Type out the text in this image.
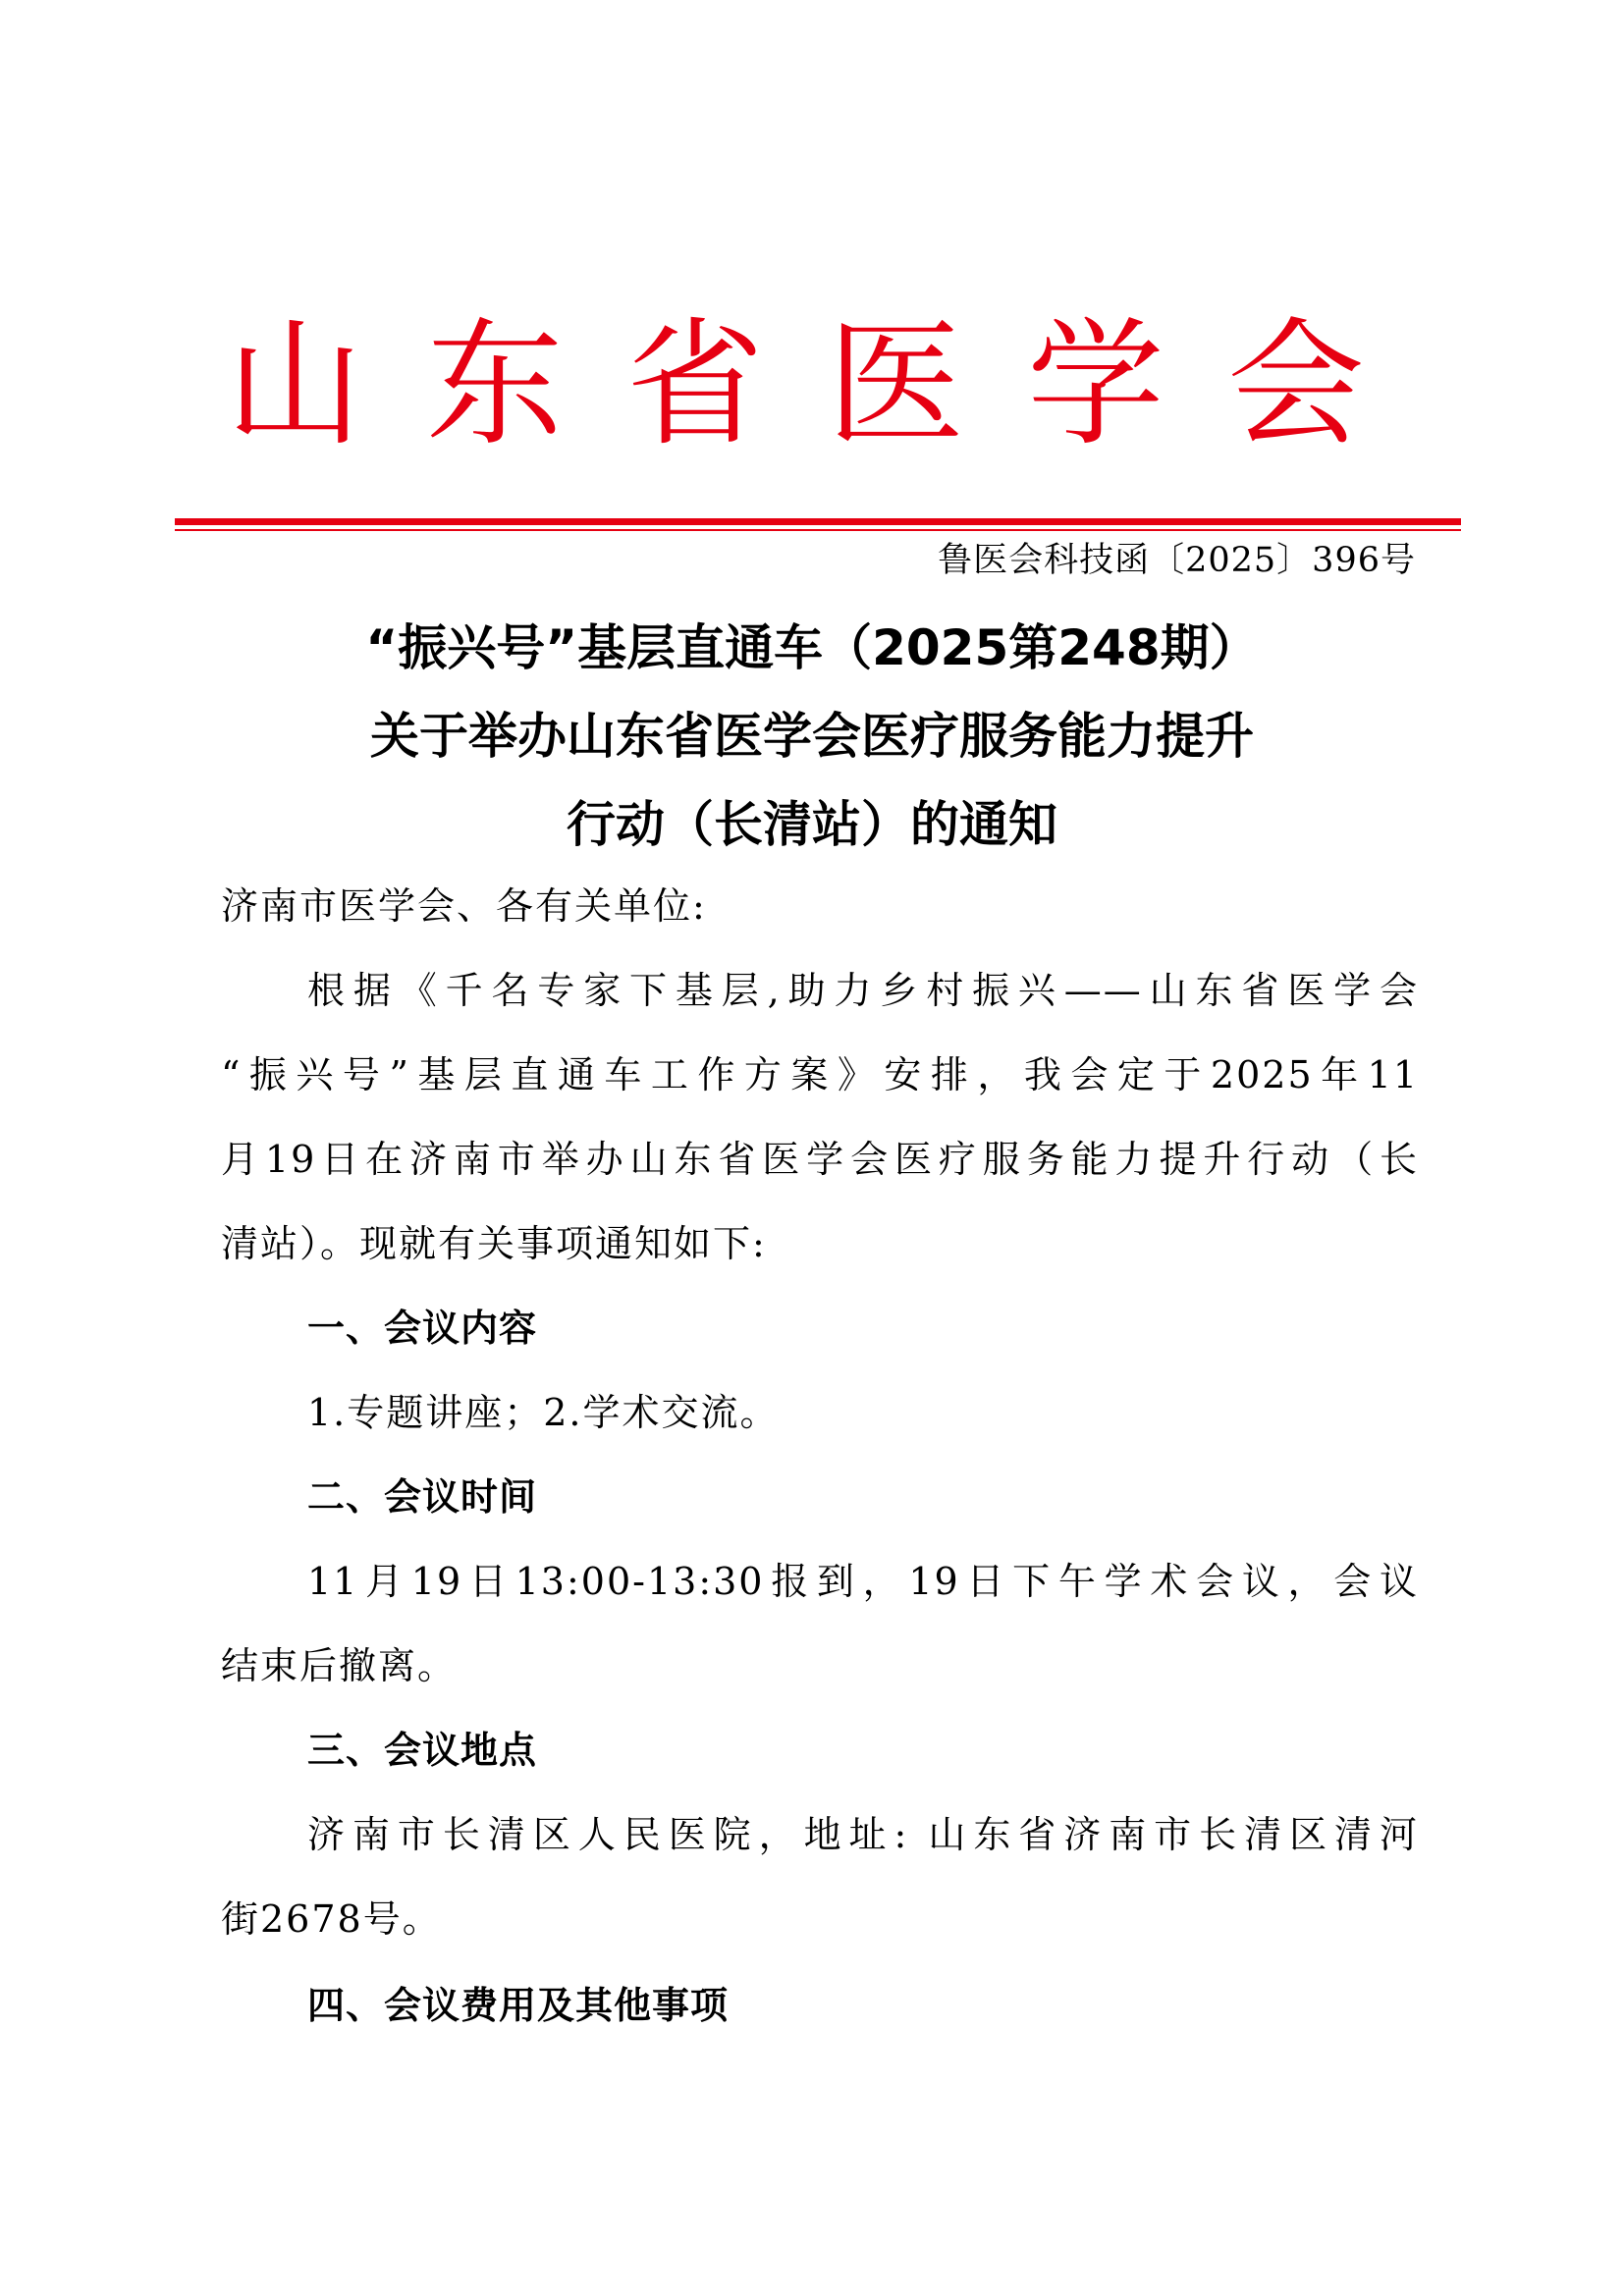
山 东 省 医 学 会
鲁医会科技函〔2025〕396号
“振兴号”基层直通车（2025第248期）
关于举办山东省医学会医疗服务能力提升
行动（长清站）的通知
济南市医学会、各有关单位:
根据《千名专家下基层,助力乡村振兴——山东省医学会
“振兴号”基层直通车工作方案》安排，我会定于2025年11
月19日在济南市举办山东省医学会医疗服务能力提升行动（长
清站）。现就有关事项通知如下:
一、会议内容
1.专题讲座；2.学术交流。
二、会议时间
11月19日13:00-13:30报到，19日下午学术会议，会议
结束后撤离。
三、会议地点
济南市长清区人民医院，地址: 山东省济南市长清区清河
街2678号。
四、会议费用及其他事项
